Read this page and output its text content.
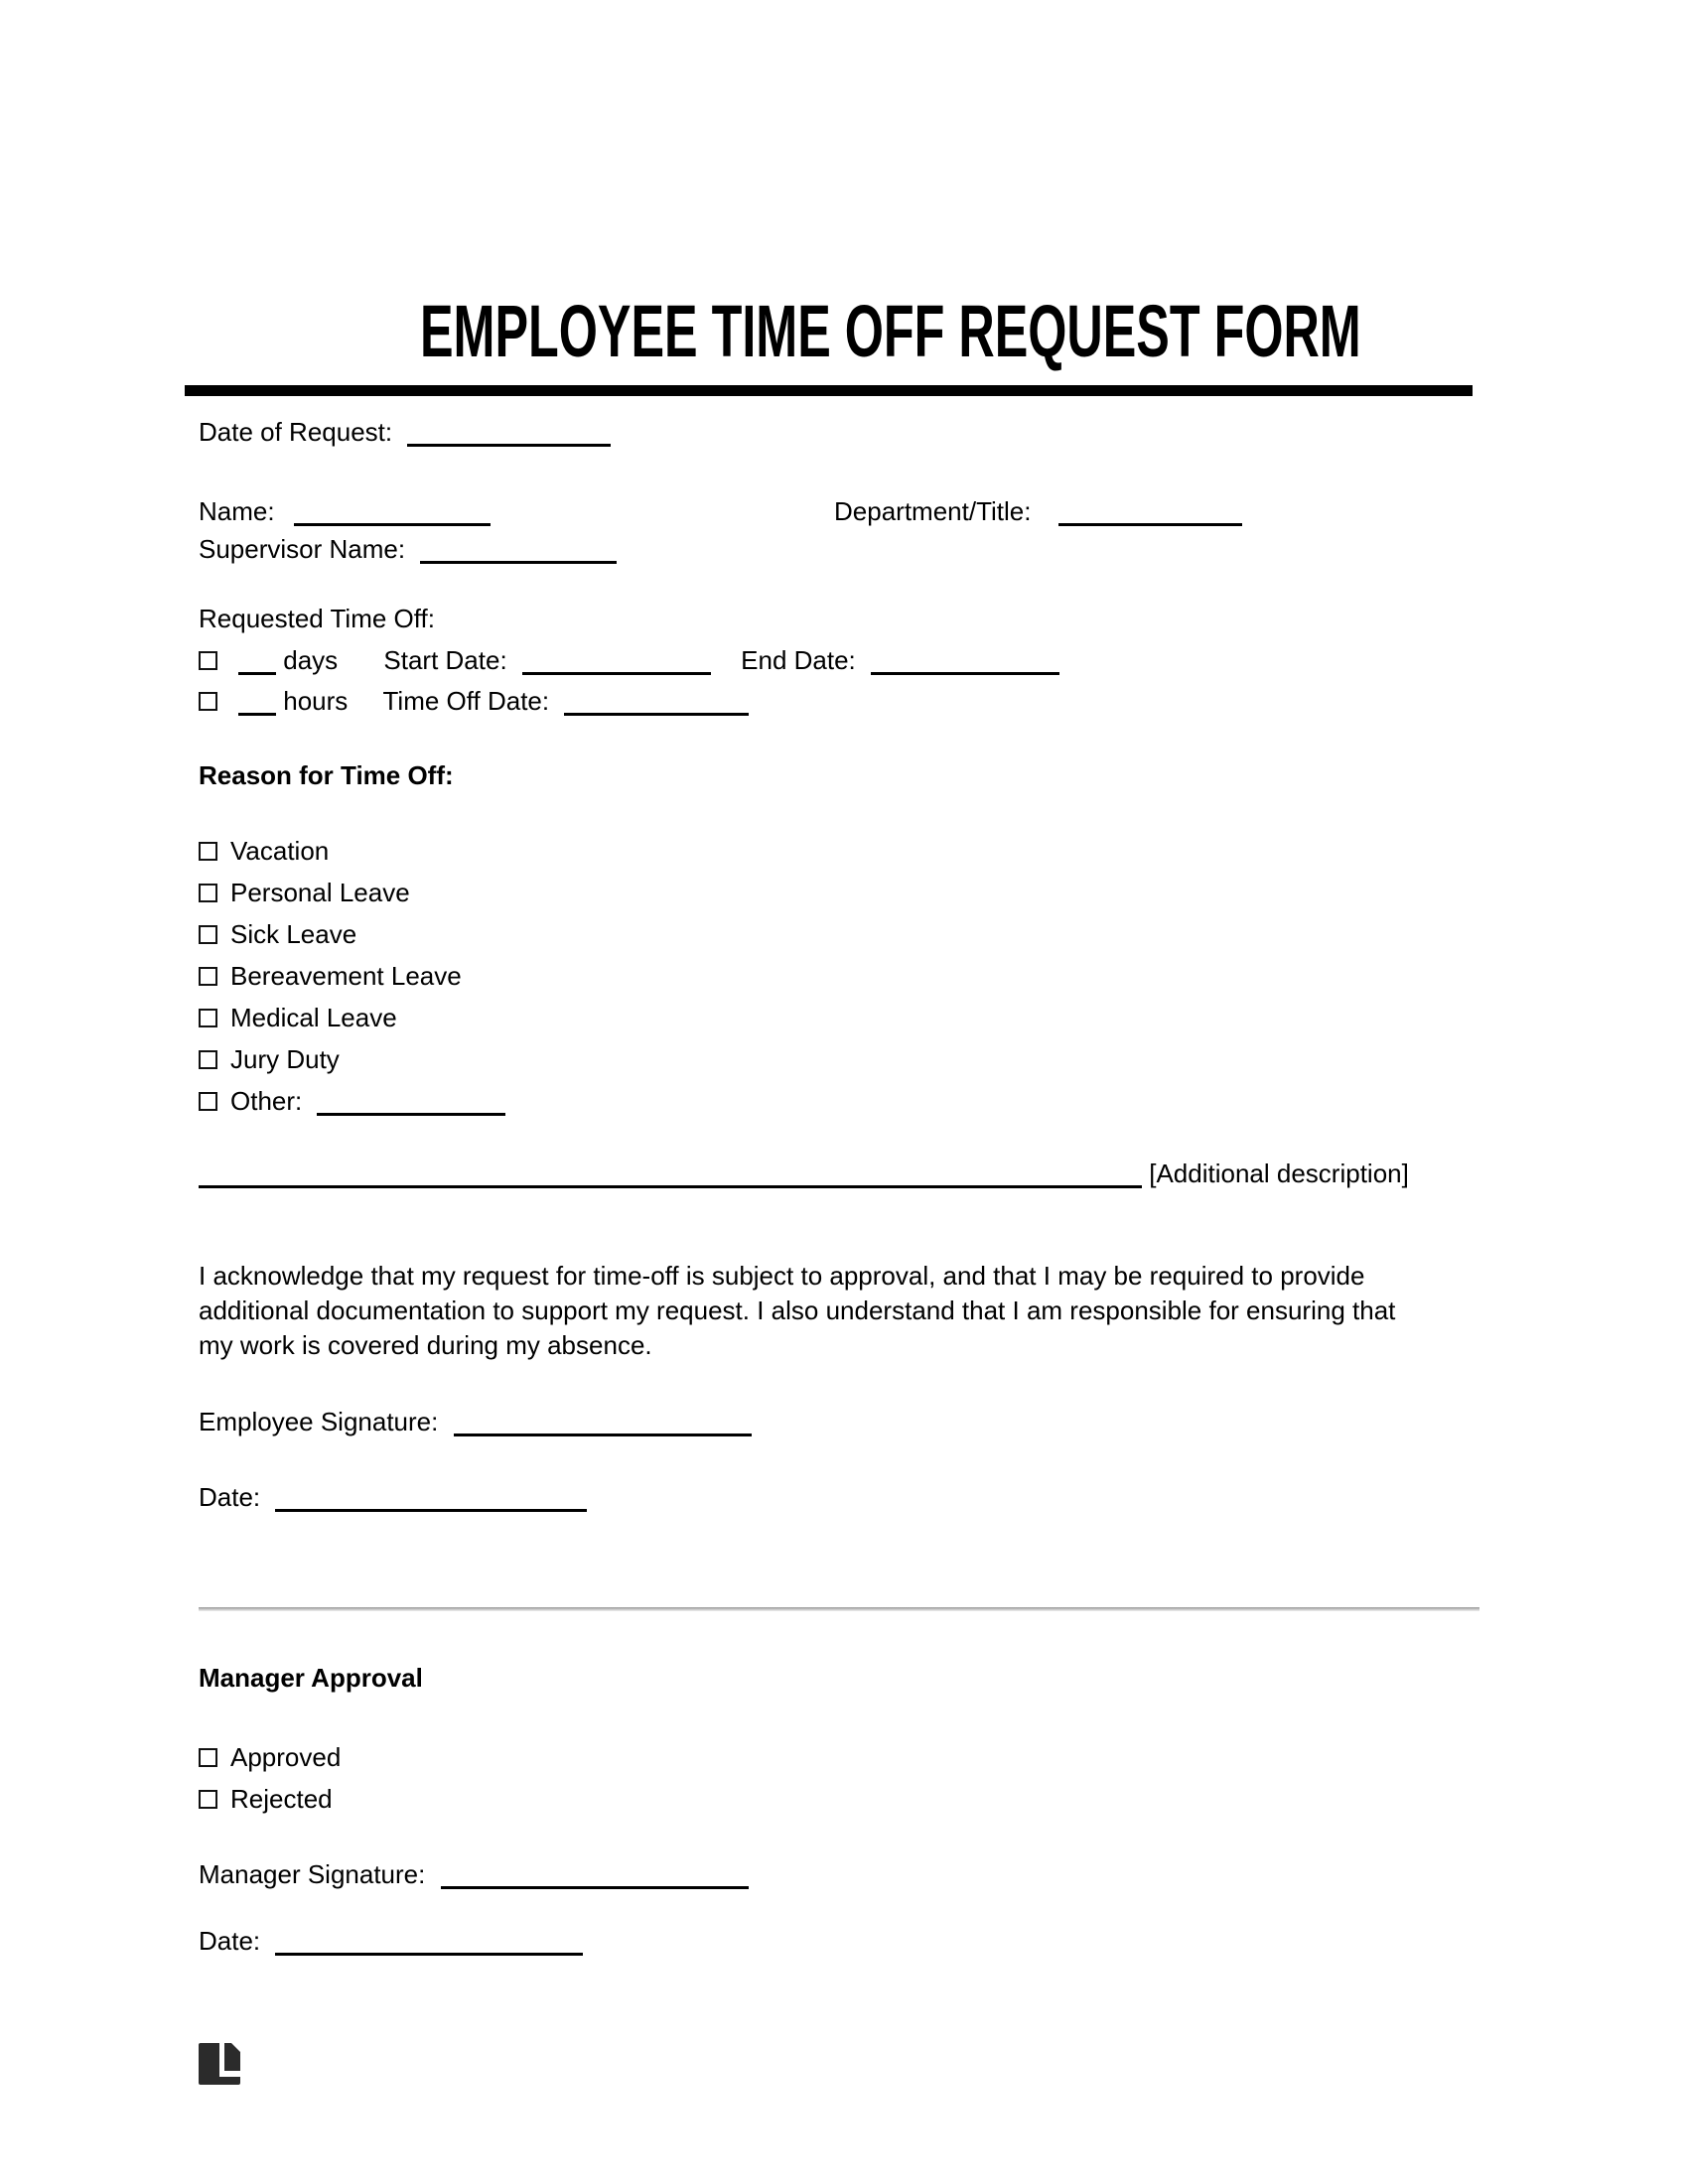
EMPLOYEE TIME OFF REQUEST FORM
Date of Request:
Name:	Department/Title:
Supervisor Name:
Requested Time Off:
days Start Date:	End Date:
hours Time Off Date:
Reason for Time Off:
Vacation
Personal Leave
Sick Leave
Bereavement Leave
Medical Leave
Jury Duty
Other:
[Additional description]
I acknowledge that my request for time-off is subject to approval, and that I may be required to provide
additional documentation to support my request. I also understand that I am responsible for ensuring that
my work is covered during my absence.
Employee Signature:
Date:
Manager Approval
Approved
Rejected
Manager Signature:
Date:
